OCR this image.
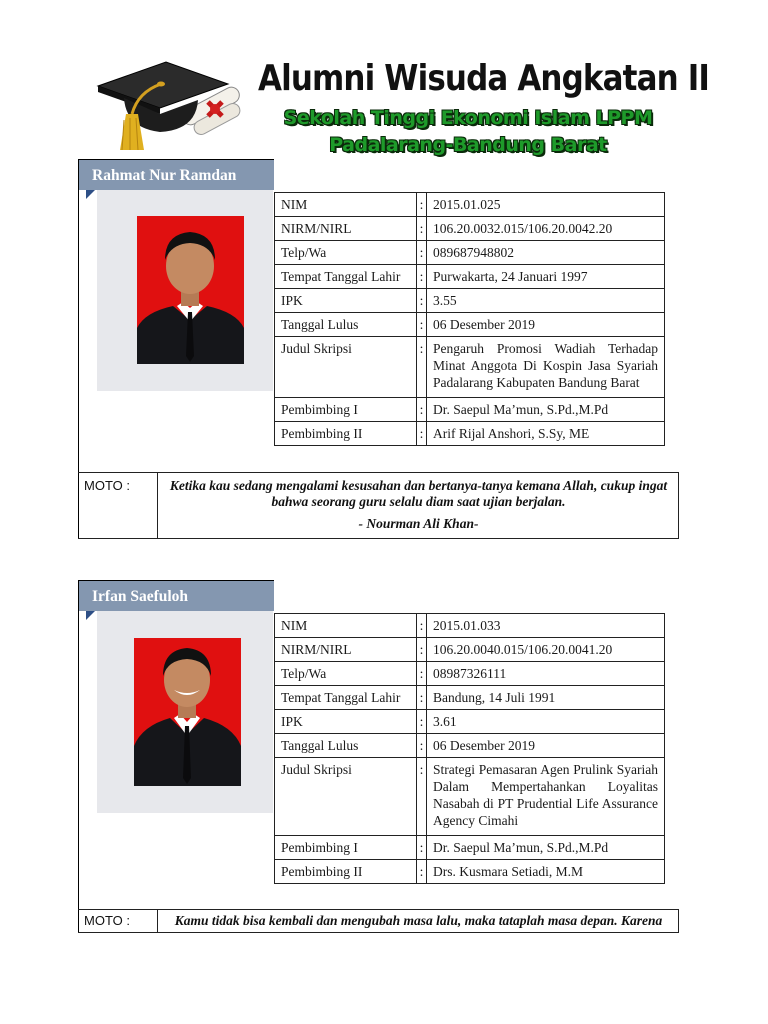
Alumni Wisuda Angkatan II
Sekolah Tinggi Ekonomi Islam LPPM
Padalarang-Bandung Barat
Rahmat Nur Ramdan
NIM	:	2015.01.025
NIRM/NIRL	:	106.20.0032.015/106.20.0042.20
Telp/Wa	:	089687948802
Tempat Tanggal Lahir	:	Purwakarta, 24 Januari 1997
IPK	:	3.55
Tanggal Lulus	:	06 Desember 2019
Judul Skripsi	:	Pengaruh Promosi Wadiah Terhadap Minat Anggota Di Kospin Jasa Syariah Padalarang Kabupaten Bandung Barat
Pembimbing I	:	Dr. Saepul Ma’mun, S.Pd.,M.Pd
Pembimbing II	:	Arif Rijal Anshori, S.Sy, ME
MOTO :	Ketika kau sedang mengalami kesusahan dan bertanya-tanya kemana Allah, cukup ingat bahwa seorang guru selalu diam saat ujian berjalan.
- Nourman Ali Khan-
Irfan Saefuloh
NIM	:	2015.01.033
NIRM/NIRL	:	106.20.0040.015/106.20.0041.20
Telp/Wa	:	08987326111
Tempat Tanggal Lahir	:	Bandung, 14 Juli 1991
IPK	:	3.61
Tanggal Lulus	:	06 Desember 2019
Judul Skripsi	:	Strategi Pemasaran Agen Prulink Syariah Dalam Mempertahankan Loyalitas Nasabah di PT Prudential Life Assurance Agency Cimahi
Pembimbing I	:	Dr. Saepul Ma’mun, S.Pd.,M.Pd
Pembimbing II	:	Drs. Kusmara Setiadi, M.M
MOTO :	Kamu tidak bisa kembali dan mengubah masa lalu, maka tataplah masa depan. Karena
